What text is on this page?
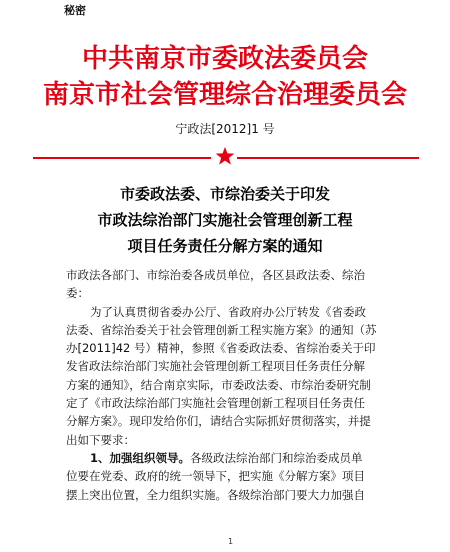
秘密
中共南京市委政法委员会
南京市社会管理综合治理委员会
宁政法[2012]1 号
市委政法委、市综治委关于印发
市政法综治部门实施社会管理创新工程
项目任务责任分解方案的通知
市政法各部门、市综治委各成员单位，各区县政法委、综治
委：
为了认真贯彻省委办公厅、省政府办公厅转发《省委政
法委、省综治委关于社会管理创新工程实施方案》的通知（苏
办[2011]42 号）精神，参照《省委政法委、省综治委关于印
发省政法综治部门实施社会管理创新工程项目任务责任分解
方案的通知》，结合南京实际，市委政法委、市综治委研究制
定了《市政法综治部门实施社会管理创新工程项目任务责任
分解方案》。现印发给你们，请结合实际抓好贯彻落实，并提
出如下要求：
1、加强组织领导。各级政法综治部门和综治委成员单
位要在党委、政府的统一领导下，把实施《分解方案》项目
摆上突出位置，全力组织实施。各级综治部门要大力加强自
1
